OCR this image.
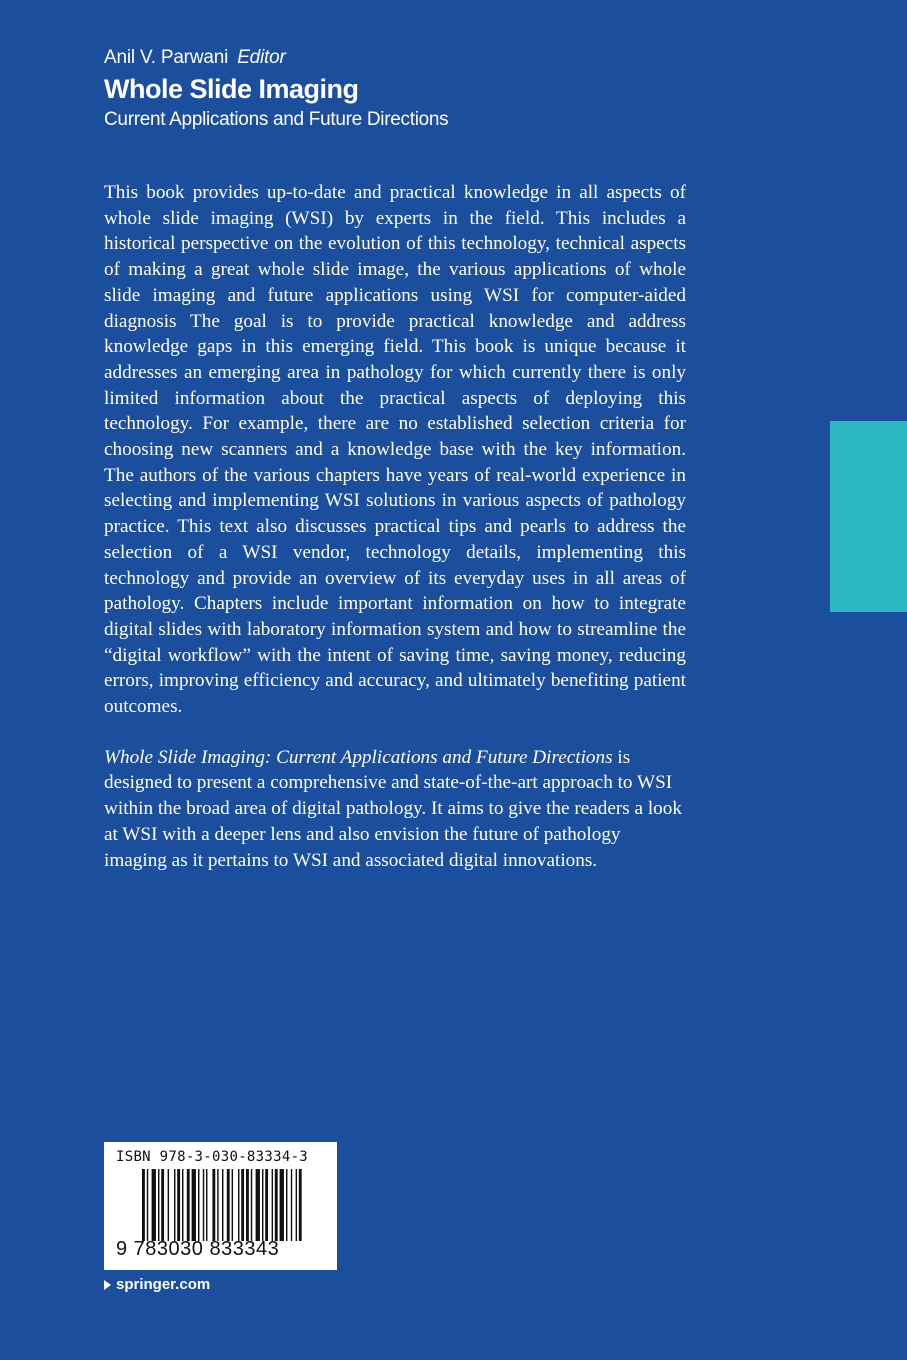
Anil V. Parwani Editor
Whole Slide Imaging
Current Applications and Future Directions

This book provides up-to-date and practical knowledge in all aspects of whole slide imaging (WSI) by experts in the field. This includes a historical perspective on the evolution of this technology, technical aspects of making a great whole slide image, the various applications of whole slide imaging and future applications using WSI for computer-aided diagnosis The goal is to provide practical knowledge and address knowledge gaps in this emerging field. This book is unique because it addresses an emerging area in pathology for which currently there is only limited information about the practical aspects of deploying this technology. For example, there are no established selection criteria for choosing new scanners and a knowledge base with the key information. The authors of the various chapters have years of real-world experience in selecting and implementing WSI solutions in various aspects of pathology practice. This text also discusses practical tips and pearls to address the selection of a WSI vendor, technology details, implementing this technology and provide an overview of its everyday uses in all areas of pathology. Chapters include important information on how to integrate digital slides with laboratory information system and how to streamline the “digital workflow” with the intent of saving time, saving money, reducing errors, improving efficiency and accuracy, and ultimately benefiting patient outcomes.

Whole Slide Imaging: Current Applications and Future Directions is designed to present a comprehensive and state-of-the-art approach to WSI within the broad area of digital pathology. It aims to give the readers a look at WSI with a deeper lens and also envision the future of pathology imaging as it pertains to WSI and associated digital innovations.

ISBN 978-3-030-83334-3
9 783030 833343
springer.com
